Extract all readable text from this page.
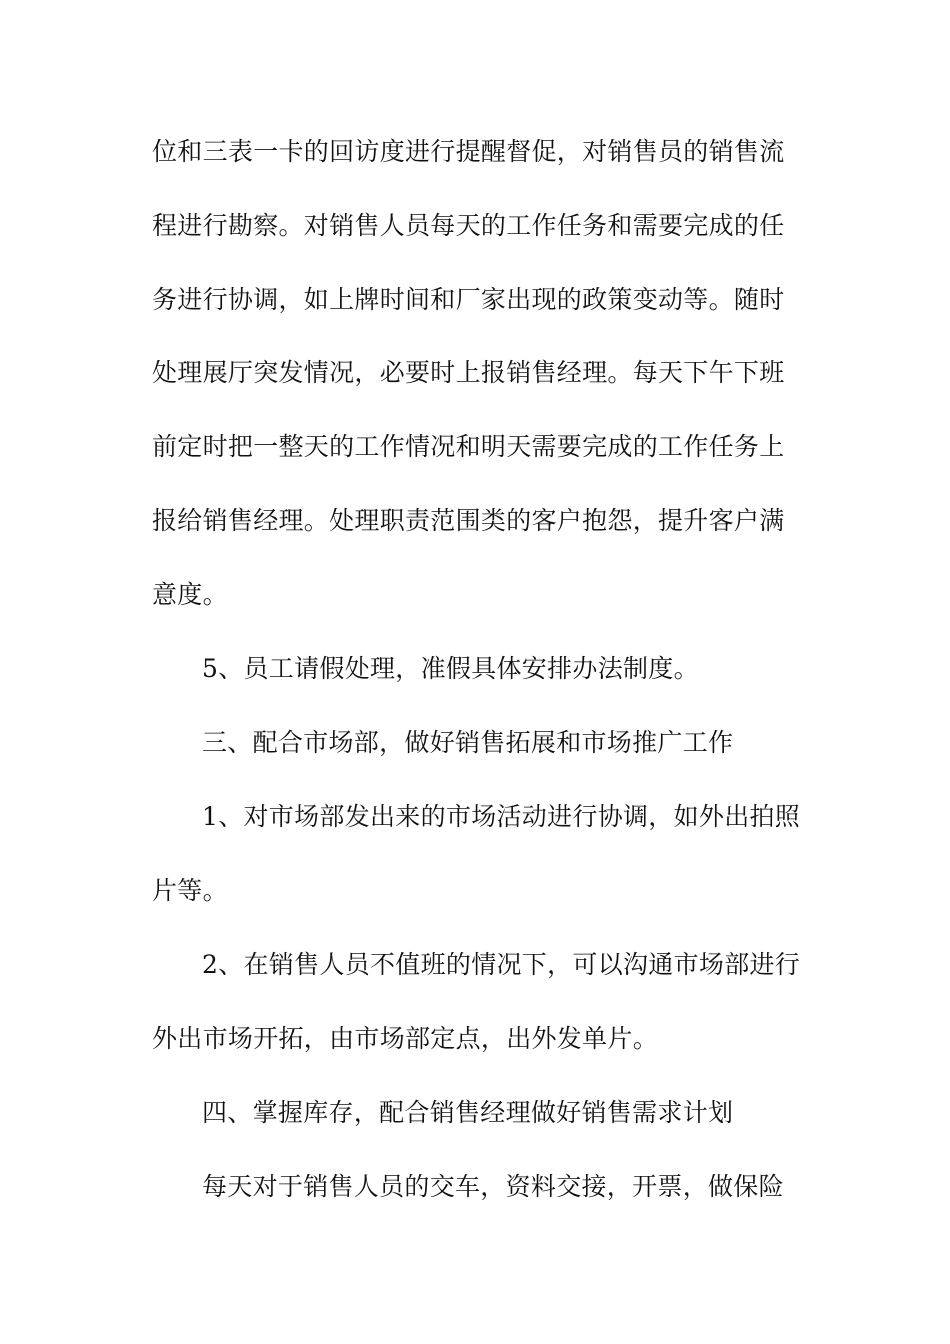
位和三表一卡的回访度进行提醒督促，对销售员的销售流

程进行勘察。对销售人员每天的工作任务和需要完成的任

务进行协调，如上牌时间和厂家出现的政策变动等。随时

处理展厅突发情况，必要时上报销售经理。每天下午下班

前定时把一整天的工作情况和明天需要完成的工作任务上

报给销售经理。处理职责范围类的客户抱怨，提升客户满

意度。

5、员工请假处理，准假具体安排办法制度。

三、配合市场部，做好销售拓展和市场推广工作

1、对市场部发出来的市场活动进行协调，如外出拍照

片等。

2、在销售人员不值班的情况下，可以沟通市场部进行

外出市场开拓，由市场部定点，出外发单片。

四、掌握库存，配合销售经理做好销售需求计划

每天对于销售人员的交车，资料交接，开票，做保险
